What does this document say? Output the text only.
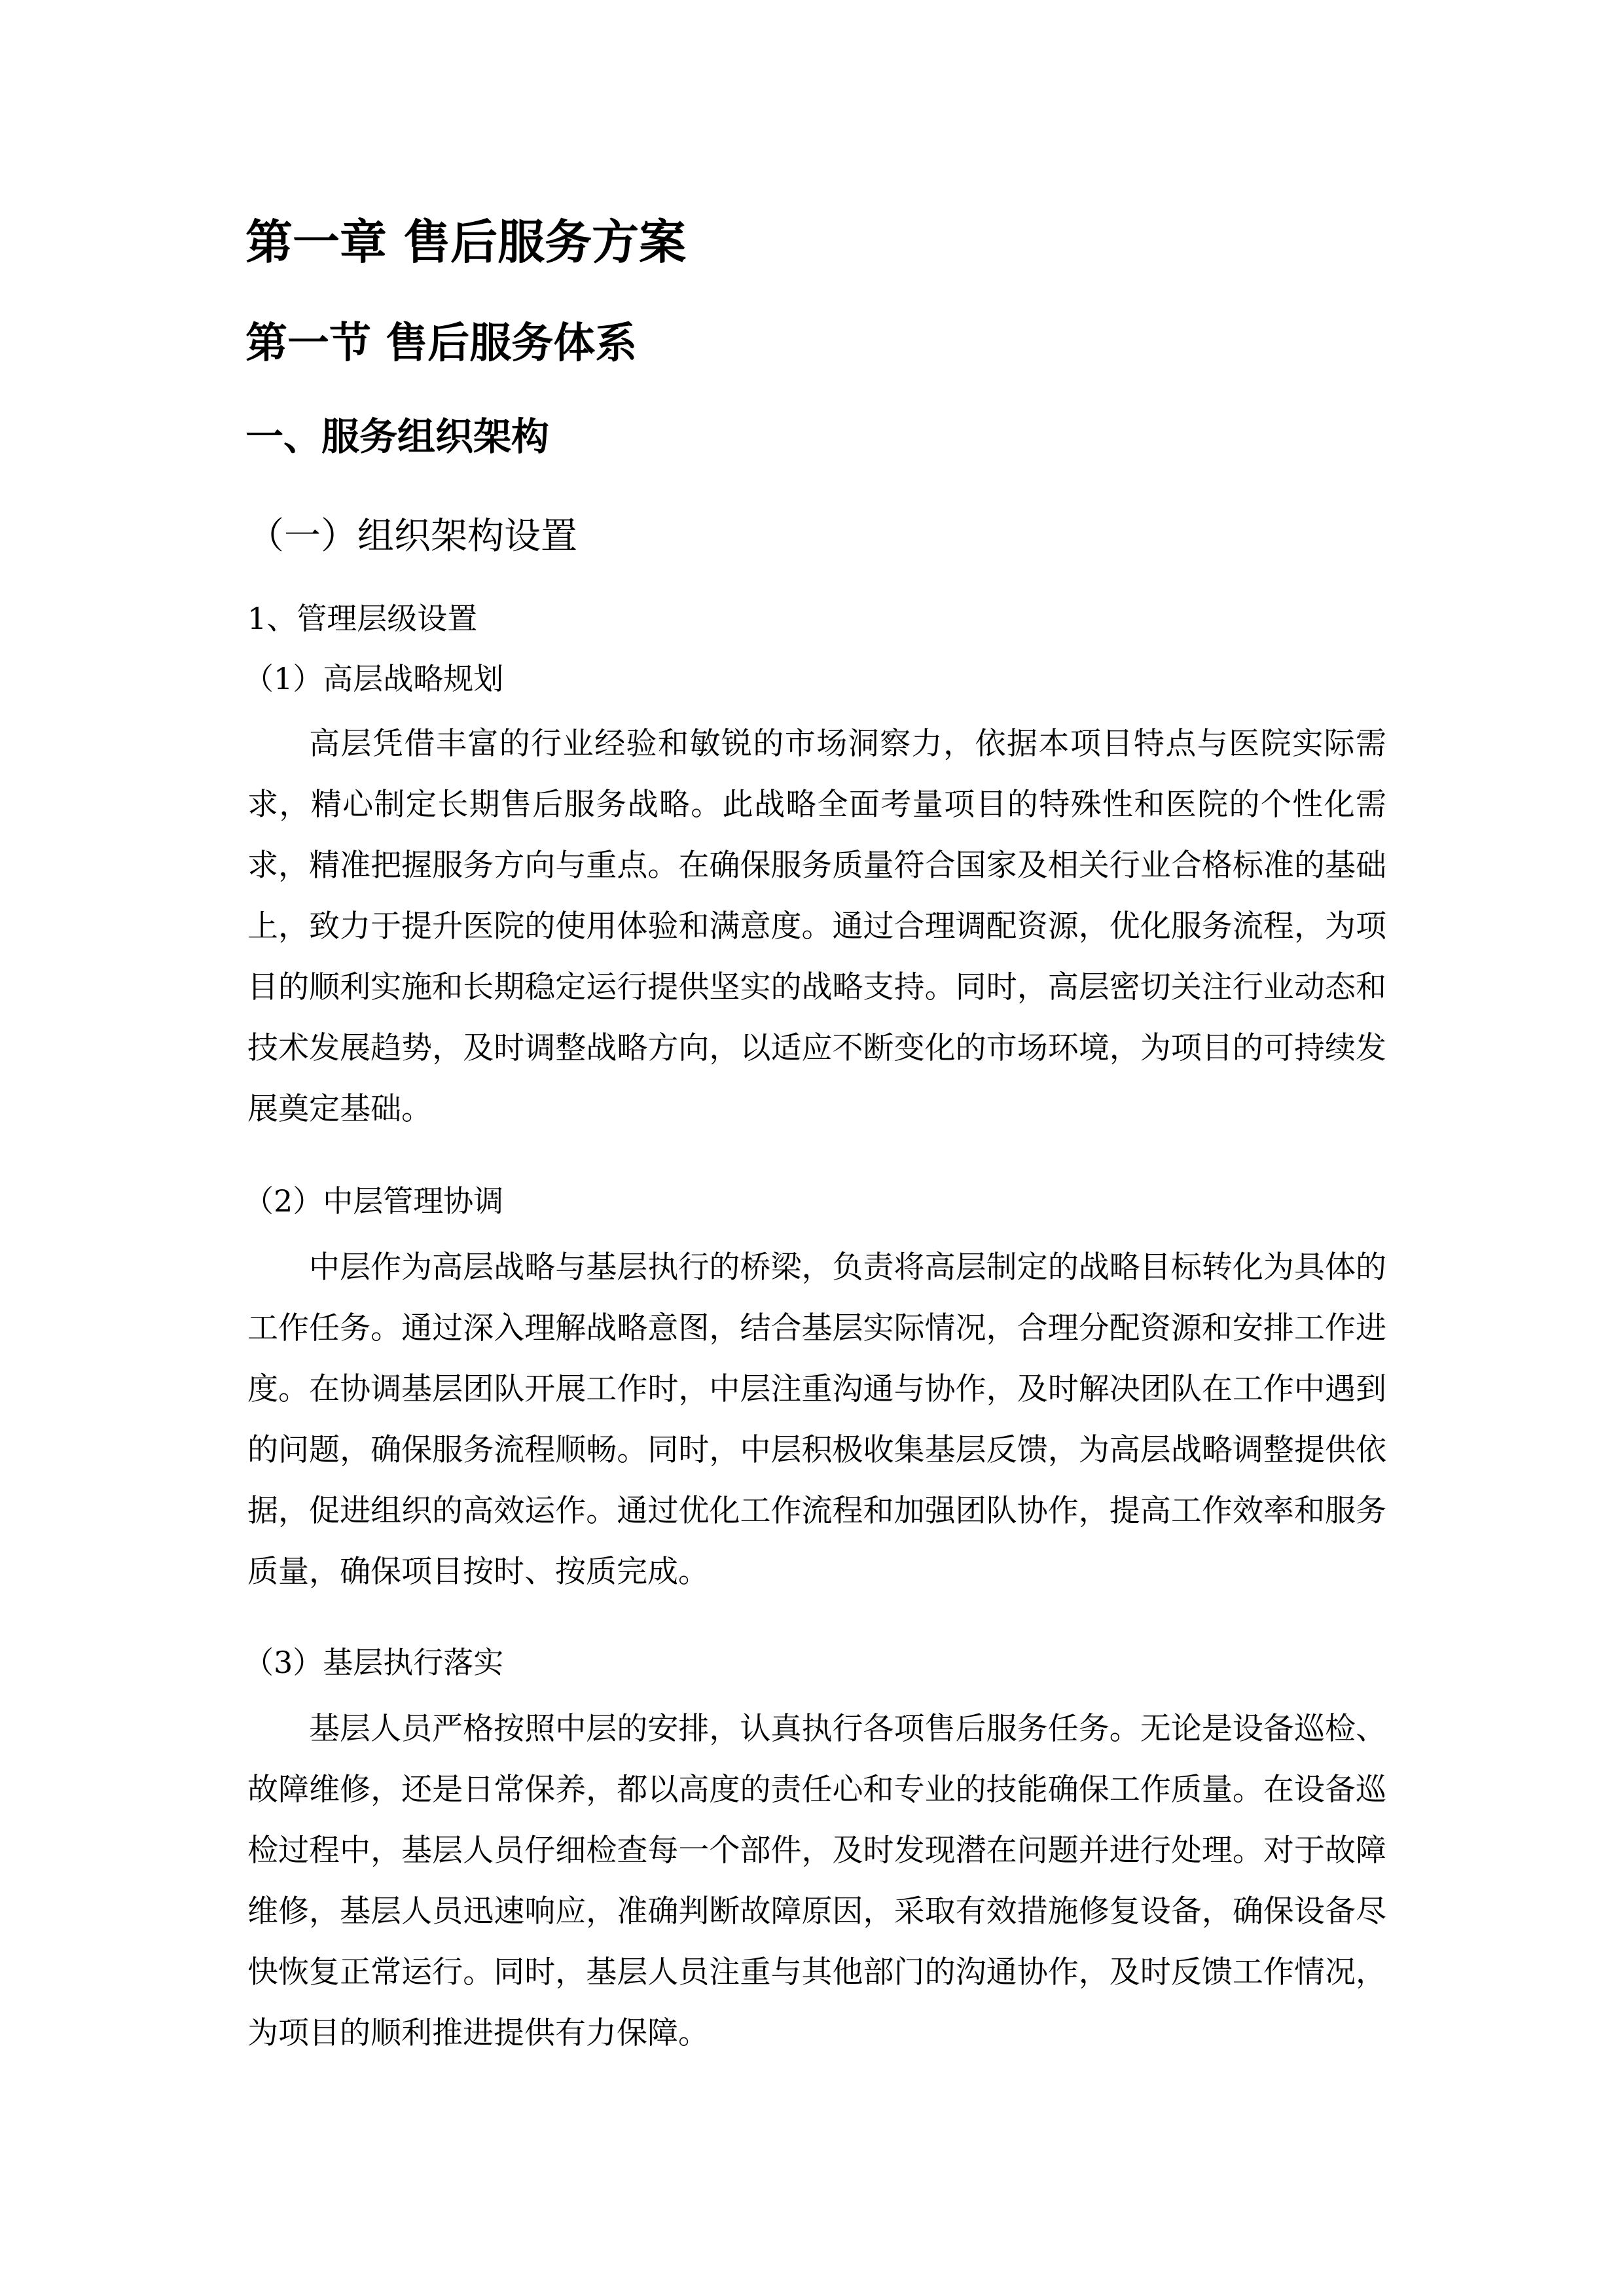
第一章 售后服务方案
第一节 售后服务体系
一、服务组织架构
（一）组织架构设置
1、管理层级设置
（1）高层战略规划

高层凭借丰富的行业经验和敏锐的市场洞察力，依据本项目特点与医院实际需求，精心制定长期售后服务战略。此战略全面考量项目的特殊性和医院的个性化需求，精准把握服务方向与重点。在确保服务质量符合国家及相关行业合格标准的基础上，致力于提升医院的使用体验和满意度。通过合理调配资源，优化服务流程，为项目的顺利实施和长期稳定运行提供坚实的战略支持。同时，高层密切关注行业动态和技术发展趋势，及时调整战略方向，以适应不断变化的市场环境，为项目的可持续发展奠定基础。

（2）中层管理协调

中层作为高层战略与基层执行的桥梁，负责将高层制定的战略目标转化为具体的工作任务。通过深入理解战略意图，结合基层实际情况，合理分配资源和安排工作进度。在协调基层团队开展工作时，中层注重沟通与协作，及时解决团队在工作中遇到的问题，确保服务流程顺畅。同时，中层积极收集基层反馈，为高层战略调整提供依据，促进组织的高效运作。通过优化工作流程和加强团队协作，提高工作效率和服务质量，确保项目按时、按质完成。

（3）基层执行落实

基层人员严格按照中层的安排，认真执行各项售后服务任务。无论是设备巡检、故障维修，还是日常保养，都以高度的责任心和专业的技能确保工作质量。在设备巡检过程中，基层人员仔细检查每一个部件，及时发现潜在问题并进行处理。对于故障维修，基层人员迅速响应，准确判断故障原因，采取有效措施修复设备，确保设备尽快恢复正常运行。同时，基层人员注重与其他部门的沟通协作，及时反馈工作情况，为项目的顺利推进提供有力保障。
